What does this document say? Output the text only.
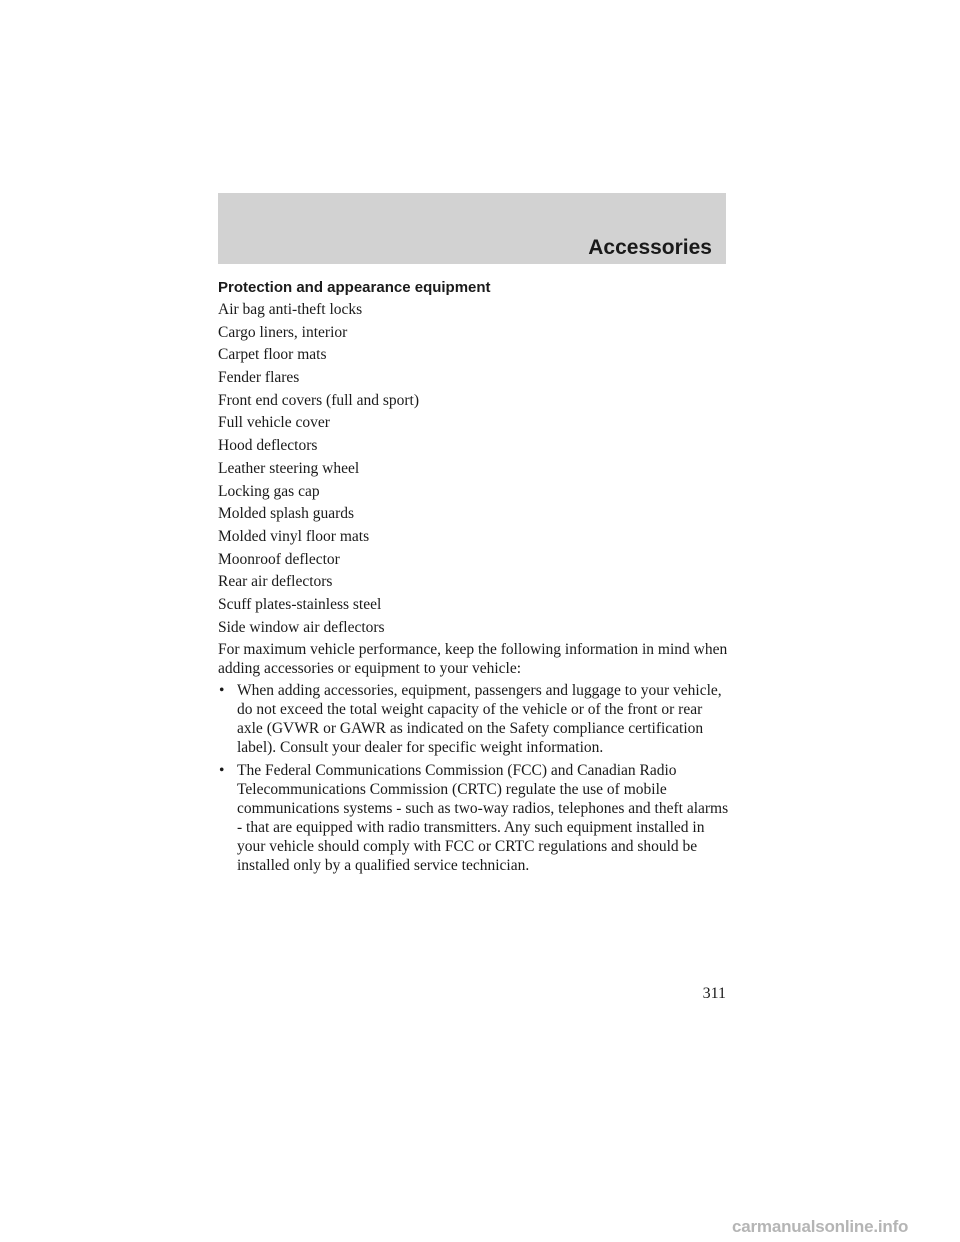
Accessories
Protection and appearance equipment
Air bag anti-theft locks
Cargo liners, interior
Carpet floor mats
Fender flares
Front end covers (full and sport)
Full vehicle cover
Hood deflectors
Leather steering wheel
Locking gas cap
Molded splash guards
Molded vinyl floor mats
Moonroof deflector
Rear air deflectors
Scuff plates-stainless steel
Side window air deflectors

For maximum vehicle performance, keep the following information in mind when adding accessories or equipment to your vehicle:

• When adding accessories, equipment, passengers and luggage to your vehicle, do not exceed the total weight capacity of the vehicle or of the front or rear axle (GVWR or GAWR as indicated on the Safety compliance certification label). Consult your dealer for specific weight information.
• The Federal Communications Commission (FCC) and Canadian Radio Telecommunications Commission (CRTC) regulate the use of mobile communications systems - such as two-way radios, telephones and theft alarms - that are equipped with radio transmitters. Any such equipment installed in your vehicle should comply with FCC or CRTC regulations and should be installed only by a qualified service technician.

311

carmanualsonline.info
